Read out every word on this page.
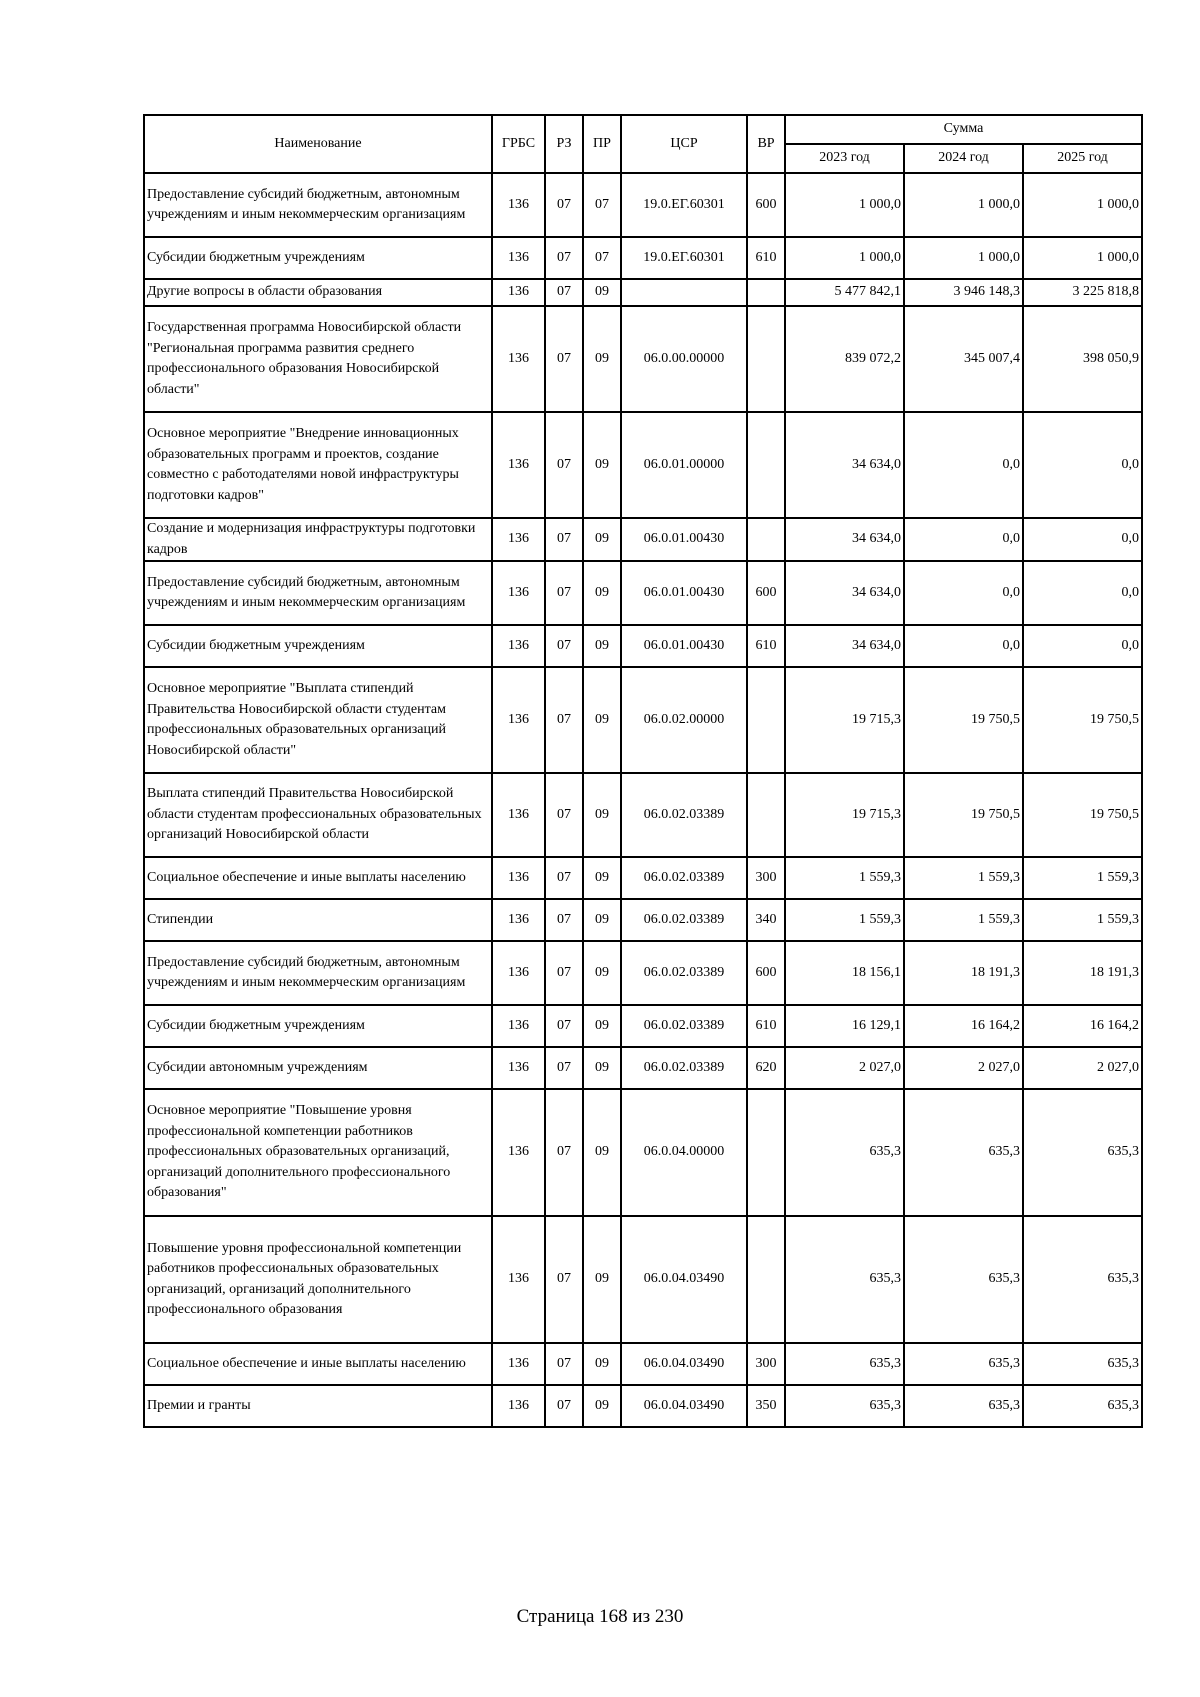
Наименование	ГРБС	РЗ	ПР	ЦСР	ВР	Сумма		
						2023 год	2024 год	2025 год
Предоставление субсидий бюджетным, автономным учреждениям и иным некоммерческим организациям	136	07	07	19.0.ЕГ.60301	600	1 000,0	1 000,0	1 000,0
Субсидии бюджетным учреждениям	136	07	07	19.0.ЕГ.60301	610	1 000,0	1 000,0	1 000,0
Другие вопросы в области образования	136	07	09			5 477 842,1	3 946 148,3	3 225 818,8
Государственная программа Новосибирской области "Региональная программа развития среднего профессионального образования Новосибирской области"	136	07	09	06.0.00.00000		839 072,2	345 007,4	398 050,9
Основное мероприятие "Внедрение инновационных образовательных программ и проектов, создание совместно с работодателями новой инфраструктуры подготовки кадров"	136	07	09	06.0.01.00000		34 634,0	0,0	0,0
Создание и модернизация инфраструктуры подготовки кадров	136	07	09	06.0.01.00430		34 634,0	0,0	0,0
Предоставление субсидий бюджетным, автономным учреждениям и иным некоммерческим организациям	136	07	09	06.0.01.00430	600	34 634,0	0,0	0,0
Субсидии бюджетным учреждениям	136	07	09	06.0.01.00430	610	34 634,0	0,0	0,0
Основное мероприятие "Выплата стипендий Правительства Новосибирской области студентам профессиональных образовательных организаций Новосибирской области"	136	07	09	06.0.02.00000		19 715,3	19 750,5	19 750,5
Выплата стипендий Правительства Новосибирской области студентам профессиональных образовательных организаций Новосибирской области	136	07	09	06.0.02.03389		19 715,3	19 750,5	19 750,5
Социальное обеспечение и иные выплаты населению	136	07	09	06.0.02.03389	300	1 559,3	1 559,3	1 559,3
Стипендии	136	07	09	06.0.02.03389	340	1 559,3	1 559,3	1 559,3
Предоставление субсидий бюджетным, автономным учреждениям и иным некоммерческим организациям	136	07	09	06.0.02.03389	600	18 156,1	18 191,3	18 191,3
Субсидии бюджетным учреждениям	136	07	09	06.0.02.03389	610	16 129,1	16 164,2	16 164,2
Субсидии автономным учреждениям	136	07	09	06.0.02.03389	620	2 027,0	2 027,0	2 027,0
Основное мероприятие "Повышение уровня профессиональной компетенции работников профессиональных образовательных организаций, организаций дополнительного профессионального образования"	136	07	09	06.0.04.00000		635,3	635,3	635,3
Повышение уровня профессиональной компетенции работников профессиональных образовательных организаций, организаций дополнительного профессионального образования	136	07	09	06.0.04.03490		635,3	635,3	635,3
Социальное обеспечение и иные выплаты населению	136	07	09	06.0.04.03490	300	635,3	635,3	635,3
Премии и гранты	136	07	09	06.0.04.03490	350	635,3	635,3	635,3
Страница 168 из 230
